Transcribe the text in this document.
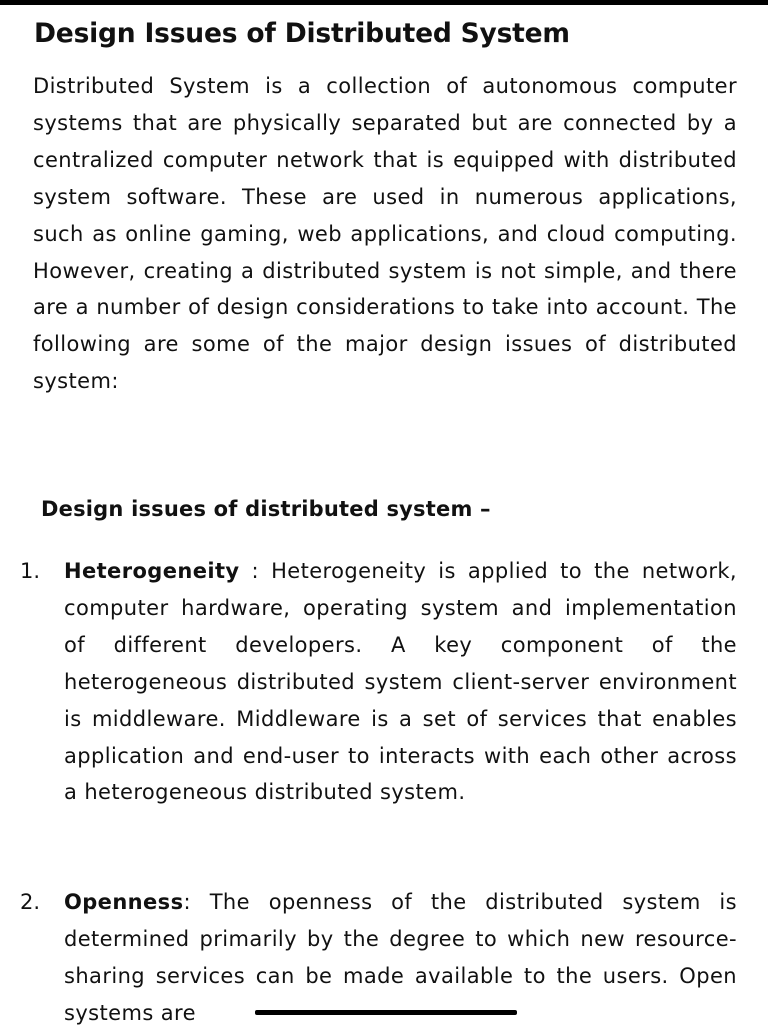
Design Issues of Distributed System

Distributed System is a collection of autonomous computer systems that are physically separated but are connected by a centralized computer network that is equipped with distributed system software. These are used in numerous applications, such as online gaming, web applications, and cloud computing. However, creating a distributed system is not simple, and there are a number of design considerations to take into account. The following are some of the major design issues of distributed system:

Design issues of distributed system –
1. Heterogeneity : Heterogeneity is applied to the network, computer hardware, operating system and implementation of different developers. A key component of the heterogeneous distributed system client-server environment is middleware. Middleware is a set of services that enables application and end-user to interacts with each other across a heterogeneous distributed system.

2. Openness: The openness of the distributed system is determined primarily by the degree to which new resource-sharing services can be made available to the users. Open systems are
